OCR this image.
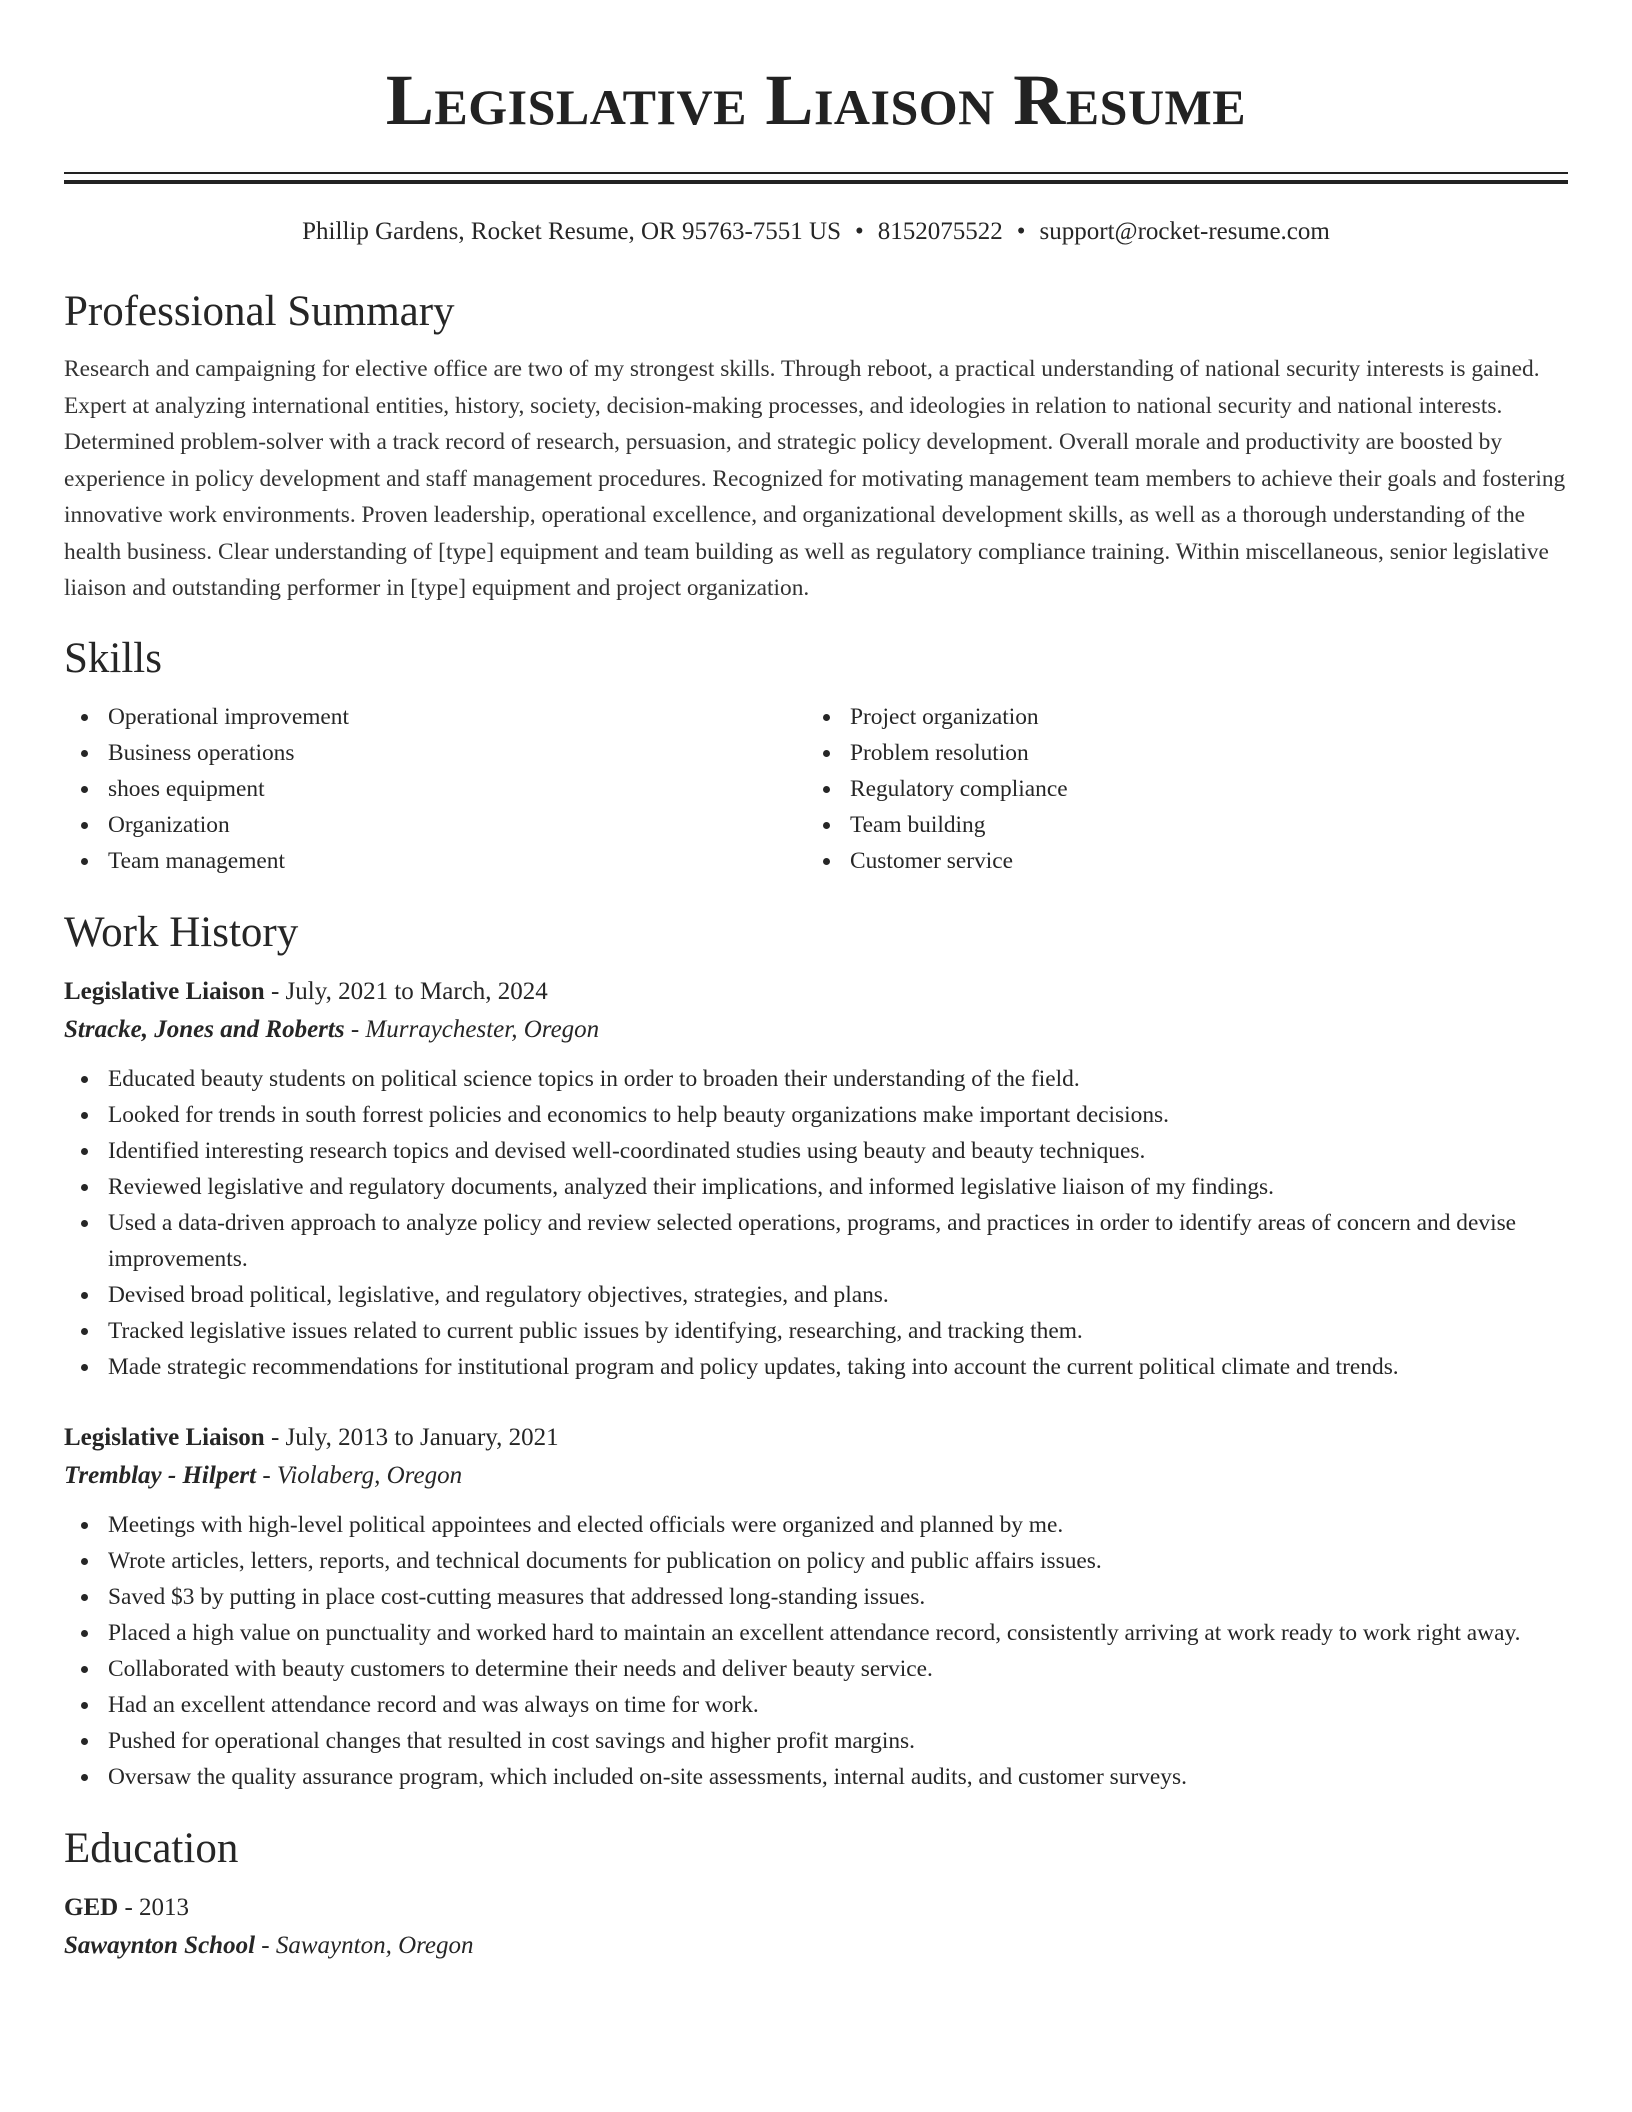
Legislative Liaison Resume
Phillip Gardens, Rocket Resume, OR 95763-7551 US • 8152075522 • support@rocket-resume.com
Professional Summary

Research and campaigning for elective office are two of my strongest skills. Through reboot, a practical understanding of national security interests is gained. Expert at analyzing international entities, history, society, decision-making processes, and ideologies in relation to national security and national interests. Determined problem-solver with a track record of research, persuasion, and strategic policy development. Overall morale and productivity are boosted by experience in policy development and staff management procedures. Recognized for motivating management team members to achieve their goals and fostering innovative work environments. Proven leadership, operational excellence, and organizational development skills, as well as a thorough understanding of the health business. Clear understanding of [type] equipment and team building as well as regulatory compliance training. Within miscellaneous, senior legislative liaison and outstanding performer in [type] equipment and project organization.

Skills
Operational improvement
Business operations
shoes equipment
Organization
Team management
Project organization
Problem resolution
Regulatory compliance
Team building
Customer service
Work History
Legislative Liaison - July, 2021 to March, 2024
Stracke, Jones and Roberts - Murraychester, Oregon
Educated beauty students on political science topics in order to broaden their understanding of the field.
Looked for trends in south forrest policies and economics to help beauty organizations make important decisions.
Identified interesting research topics and devised well-coordinated studies using beauty and beauty techniques.
Reviewed legislative and regulatory documents, analyzed their implications, and informed legislative liaison of my findings.
Used a data-driven approach to analyze policy and review selected operations, programs, and practices in order to identify areas of concern and devise improvements.
Devised broad political, legislative, and regulatory objectives, strategies, and plans.
Tracked legislative issues related to current public issues by identifying, researching, and tracking them.
Made strategic recommendations for institutional program and policy updates, taking into account the current political climate and trends.
Legislative Liaison - July, 2013 to January, 2021
Tremblay - Hilpert - Violaberg, Oregon
Meetings with high-level political appointees and elected officials were organized and planned by me.
Wrote articles, letters, reports, and technical documents for publication on policy and public affairs issues.
Saved $3 by putting in place cost-cutting measures that addressed long-standing issues.
Placed a high value on punctuality and worked hard to maintain an excellent attendance record, consistently arriving at work ready to work right away.
Collaborated with beauty customers to determine their needs and deliver beauty service.
Had an excellent attendance record and was always on time for work.
Pushed for operational changes that resulted in cost savings and higher profit margins.
Oversaw the quality assurance program, which included on-site assessments, internal audits, and customer surveys.
Education
GED - 2013
Sawaynton School - Sawaynton, Oregon
